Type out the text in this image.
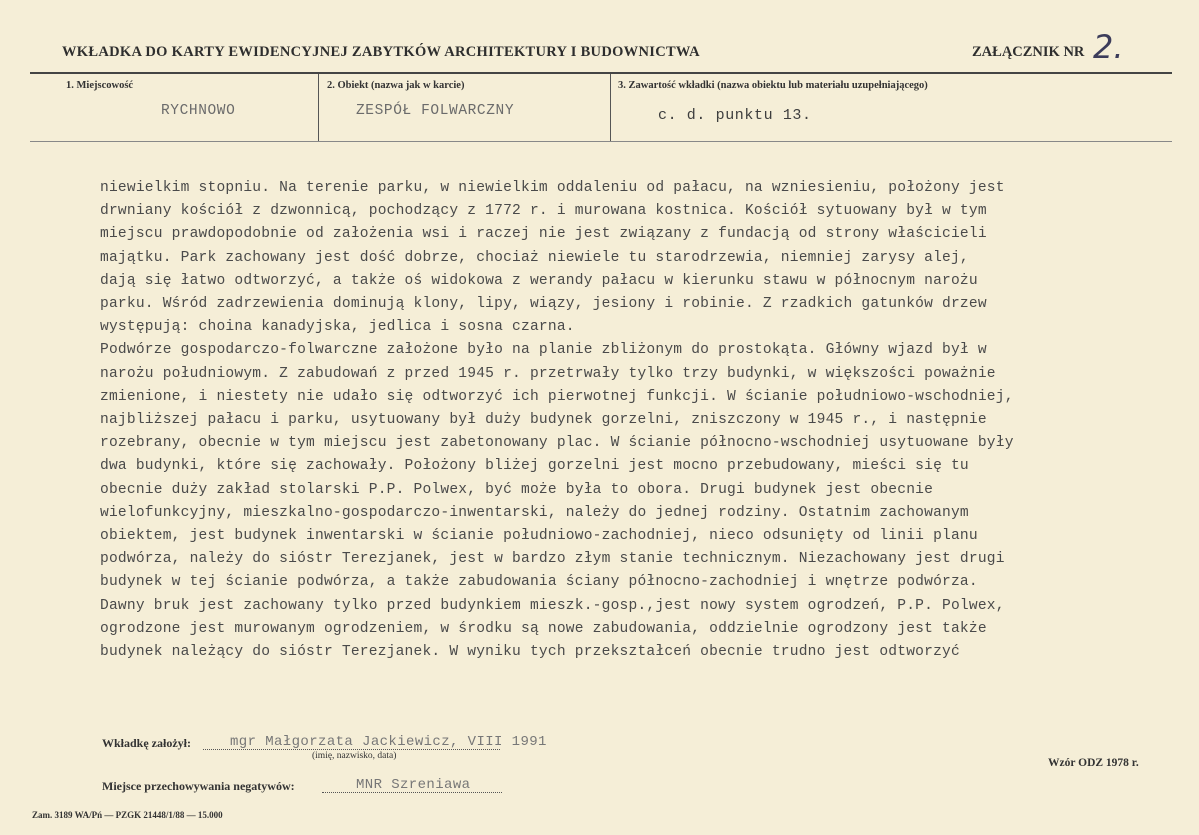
WKŁADKA DO KARTY EWIDENCYJNEJ ZABYTKÓW ARCHITEKTURY I BUDOWNICTWA	ZAŁĄCZNIK NR 2.
1. Miejscowość
RYCHNOWO
2. Obiekt (nazwa jak w karcie)
ZESPÓŁ FOLWARCZNY
3. Zawartość wkładki (nazwa obiektu lub materiału uzupełniającego)
c. d. punktu 13.
niewielkim stopniu. Na terenie parku, w niewielkim oddaleniu od pałacu, na wzniesieniu, położony jest
drwniany kościół z dzwonnicą, pochodzący z 1772 r. i murowana kostnica. Kościół sytuowany był w tym
miejscu prawdopodobnie od założenia wsi i raczej nie jest związany z fundacją od strony właścicieli
majątku. Park zachowany jest dość dobrze, chociaż niewiele tu starodrzewia, niemniej zarysy alej,
dają się łatwo odtworzyć, a także oś widokowa z werandy pałacu w kierunku stawu w północnym narożu
parku. Wśród zadrzewienia dominują klony, lipy, wiązy, jesiony i robinie. Z rzadkich gatunków drzew
występują: choina kanadyjska, jedlica i sosna czarna.
Podwórze gospodarczo-folwarczne założone było na planie zbliżonym do prostokąta. Główny wjazd był w
narożu południowym. Z zabudowań z przed 1945 r. przetrwały tylko trzy budynki, w większości poważnie
zmienione, i niestety nie udało się odtworzyć ich pierwotnej funkcji. W ścianie południowo-wschodniej,
najbliższej pałacu i parku, usytuowany był duży budynek gorzelni, zniszczony w 1945 r., i następnie
rozebrany, obecnie w tym miejscu jest zabetonowany plac. W ścianie północno-wschodniej usytuowane były
dwa budynki, które się zachowały. Położony bliżej gorzelni jest mocno przebudowany, mieści się tu
obecnie duży zakład stolarski P.P. Polwex, być może była to obora. Drugi budynek jest obecnie
wielofunkcyjny, mieszkalno-gospodarczo-inwentarski, należy do jednej rodziny. Ostatnim zachowanym
obiektem, jest budynek inwentarski w ścianie południowo-zachodniej, nieco odsunięty od linii planu
podwórza, należy do sióstr Terezjanek, jest w bardzo złym stanie technicznym. Niezachowany jest drugi
budynek w tej ścianie podwórza, a także zabudowania ściany północno-zachodniej i wnętrze podwórza.
Dawny bruk jest zachowany tylko przed budynkiem mieszk.-gosp.,jest nowy system ogrodzeń, P.P. Polwex,
ogrodzone jest murowanym ogrodzeniem, w środku są nowe zabudowania, oddzielnie ogrodzony jest także
budynek należący do sióstr Terezjanek. W wyniku tych przekształceń obecnie trudno jest odtworzyć
Wkładkę założył:	mgr Małgorzata Jackiewicz, VIII 1991
(imię, nazwisko, data)
Wzór ODZ 1978 r.
Miejsce przechowywania negatywów:	MNR Szreniawa
Zam. 3189 WA/Pń — PZGK 21448/1/88 — 15.000
